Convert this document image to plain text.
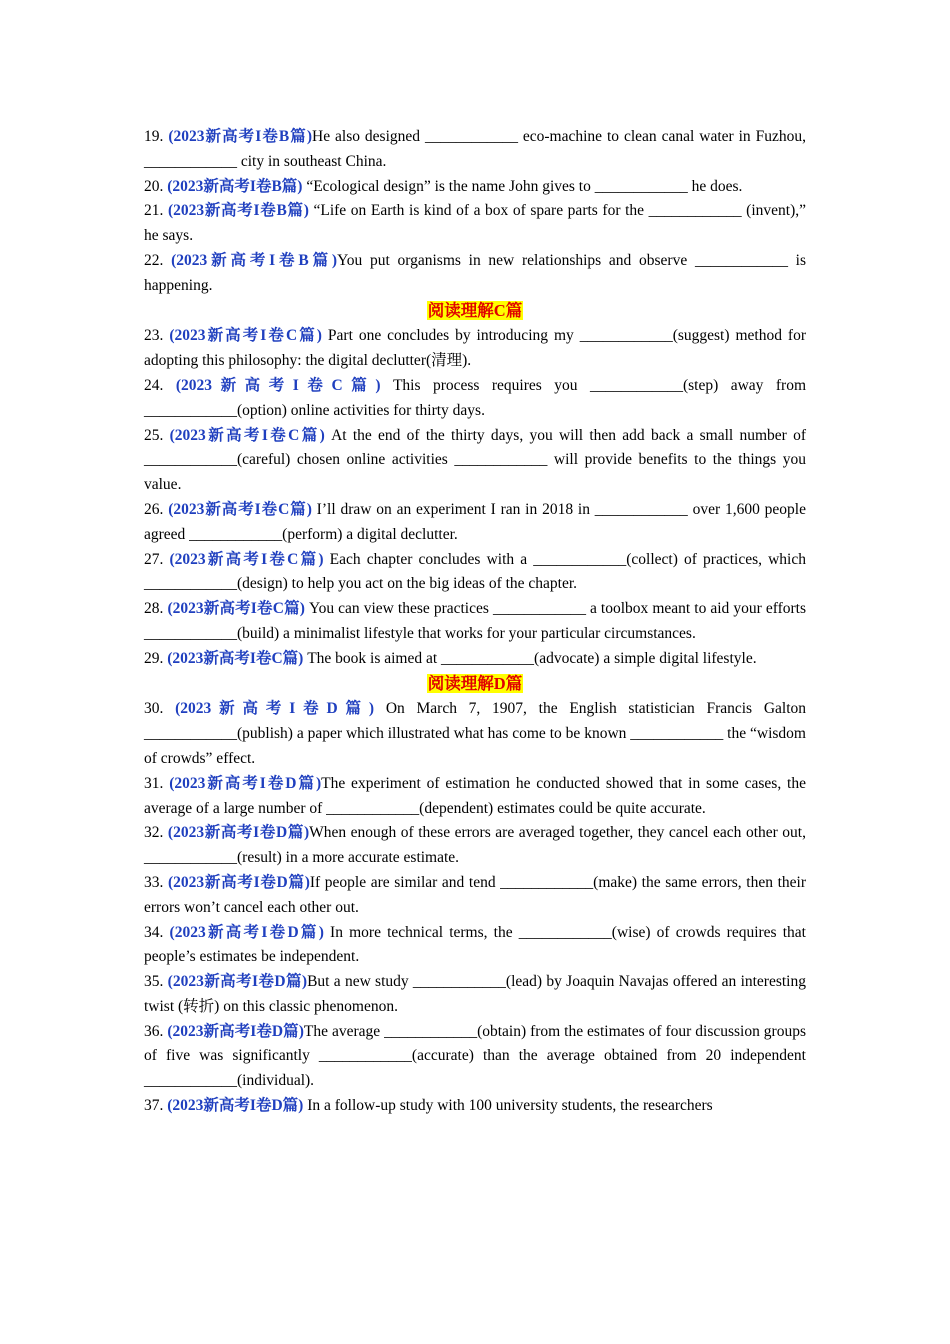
19. (2023新高考I卷B篇)He also designed ____________ eco-machine to clean canal water in Fuzhou, ____________ city in southeast China.

20. (2023新高考I卷B篇) “Ecological design” is the name John gives to ____________ he does.

21. (2023新高考I卷B篇) “Life on Earth is kind of a box of spare parts for the ____________ (invent),” he says.

22. (2023新高考I卷B篇)You put organisms in new relationships and observe ____________ is happening.

阅读理解C篇

23. (2023新高考I卷C篇) Part one concludes by introducing my ____________(suggest) method for adopting this philosophy: the digital declutter(清理).

24. (2023新高考I卷C篇) This process requires you ____________(step) away from ____________(option) online activities for thirty days.

25. (2023新高考I卷C篇) At the end of the thirty days, you will then add back a small number of ____________(careful) chosen online activities ____________ will provide benefits to the things you value.

26. (2023新高考I卷C篇) I’ll draw on an experiment I ran in 2018 in ____________ over 1,600 people agreed ____________(perform) a digital declutter.

27. (2023新高考I卷C篇) Each chapter concludes with a ____________(collect) of practices, which ____________(design) to help you act on the big ideas of the chapter.

28. (2023新高考I卷C篇) You can view these practices ____________ a toolbox meant to aid your efforts ____________(build) a minimalist lifestyle that works for your particular circumstances.

29. (2023新高考I卷C篇) The book is aimed at ____________(advocate) a simple digital lifestyle.

阅读理解D篇

30. (2023新高考I卷D篇) On March 7, 1907, the English statistician Francis Galton ____________(publish) a paper which illustrated what has come to be known ____________ the “wisdom of crowds” effect.

31. (2023新高考I卷D篇)The experiment of estimation he conducted showed that in some cases, the average of a large number of ____________(dependent) estimates could be quite accurate.

32. (2023新高考I卷D篇)When enough of these errors are averaged together, they cancel each other out, ____________(result) in a more accurate estimate.

33. (2023新高考I卷D篇)If people are similar and tend ____________(make) the same errors, then their errors won’t cancel each other out.

34. (2023新高考I卷D篇) In more technical terms, the ____________(wise) of crowds requires that people’s estimates be independent.

35. (2023新高考I卷D篇)But a new study ____________(lead) by Joaquin Navajas offered an interesting twist (转折) on this classic phenomenon.

36. (2023新高考I卷D篇)The average ____________(obtain) from the estimates of four discussion groups of five was significantly ____________(accurate) than the average obtained from 20 independent ____________(individual).

37. (2023新高考I卷D篇) In a follow-up study with 100 university students, the researchers
